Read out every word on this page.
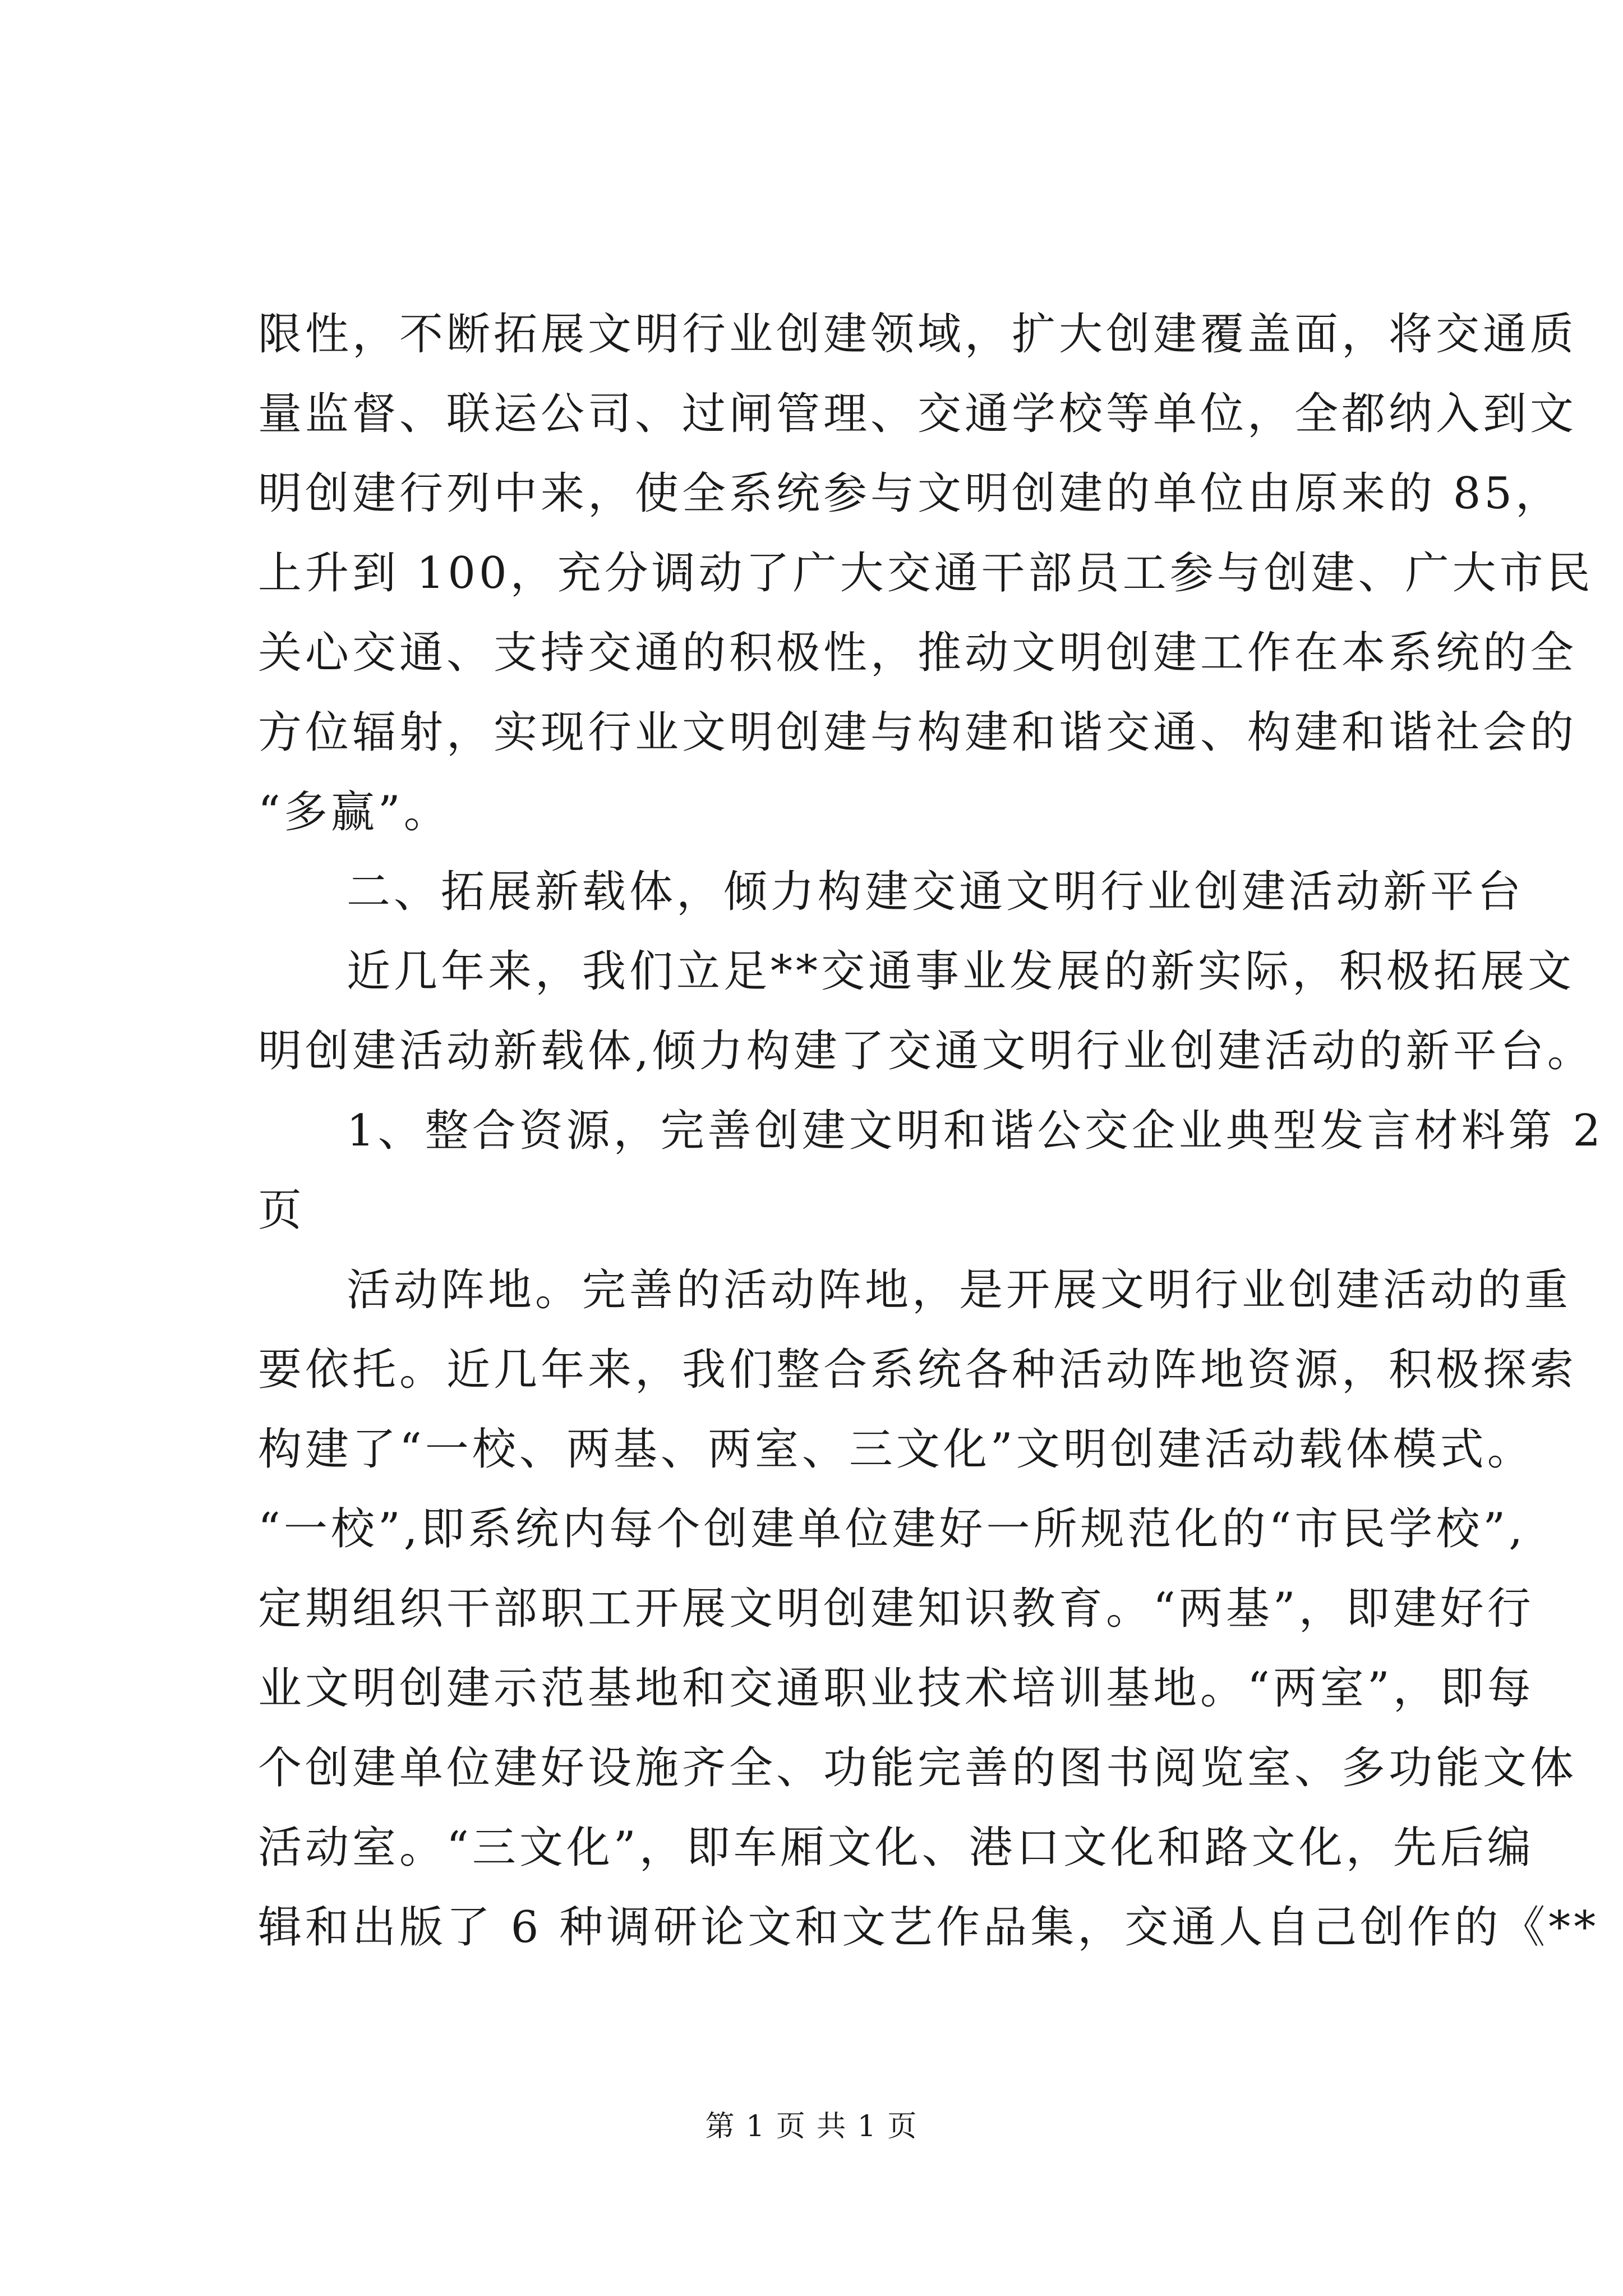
限性，不断拓展文明行业创建领域，扩大创建覆盖面，将交通质
量监督、联运公司、过闸管理、交通学校等单位，全都纳入到文
明创建行列中来，使全系统参与文明创建的单位由原来的 85，
上升到 100，充分调动了广大交通干部员工参与创建、广大市民
关心交通、支持交通的积极性，推动文明创建工作在本系统的全
方位辐射，实现行业文明创建与构建和谐交通、构建和谐社会的
“多赢”。
二、拓展新载体，倾力构建交通文明行业创建活动新平台
近几年来，我们立足**交通事业发展的新实际，积极拓展文
明创建活动新载体,倾力构建了交通文明行业创建活动的新平台。
1、整合资源，完善创建文明和谐公交企业典型发言材料第 2
页
活动阵地。完善的活动阵地，是开展文明行业创建活动的重
要依托。近几年来，我们整合系统各种活动阵地资源，积极探索
构建了“一校、两基、两室、三文化”文明创建活动载体模式。
“一校”,即系统内每个创建单位建好一所规范化的“市民学校”,
定期组织干部职工开展文明创建知识教育。“两基”，即建好行
业文明创建示范基地和交通职业技术培训基地。“两室”，即每
个创建单位建好设施齐全、功能完善的图书阅览室、多功能文体
活动室。“三文化”，即车厢文化、港口文化和路文化，先后编
辑和出版了 6 种调研论文和文艺作品集，交通人自己创作的《**
第 1 页 共 1 页
